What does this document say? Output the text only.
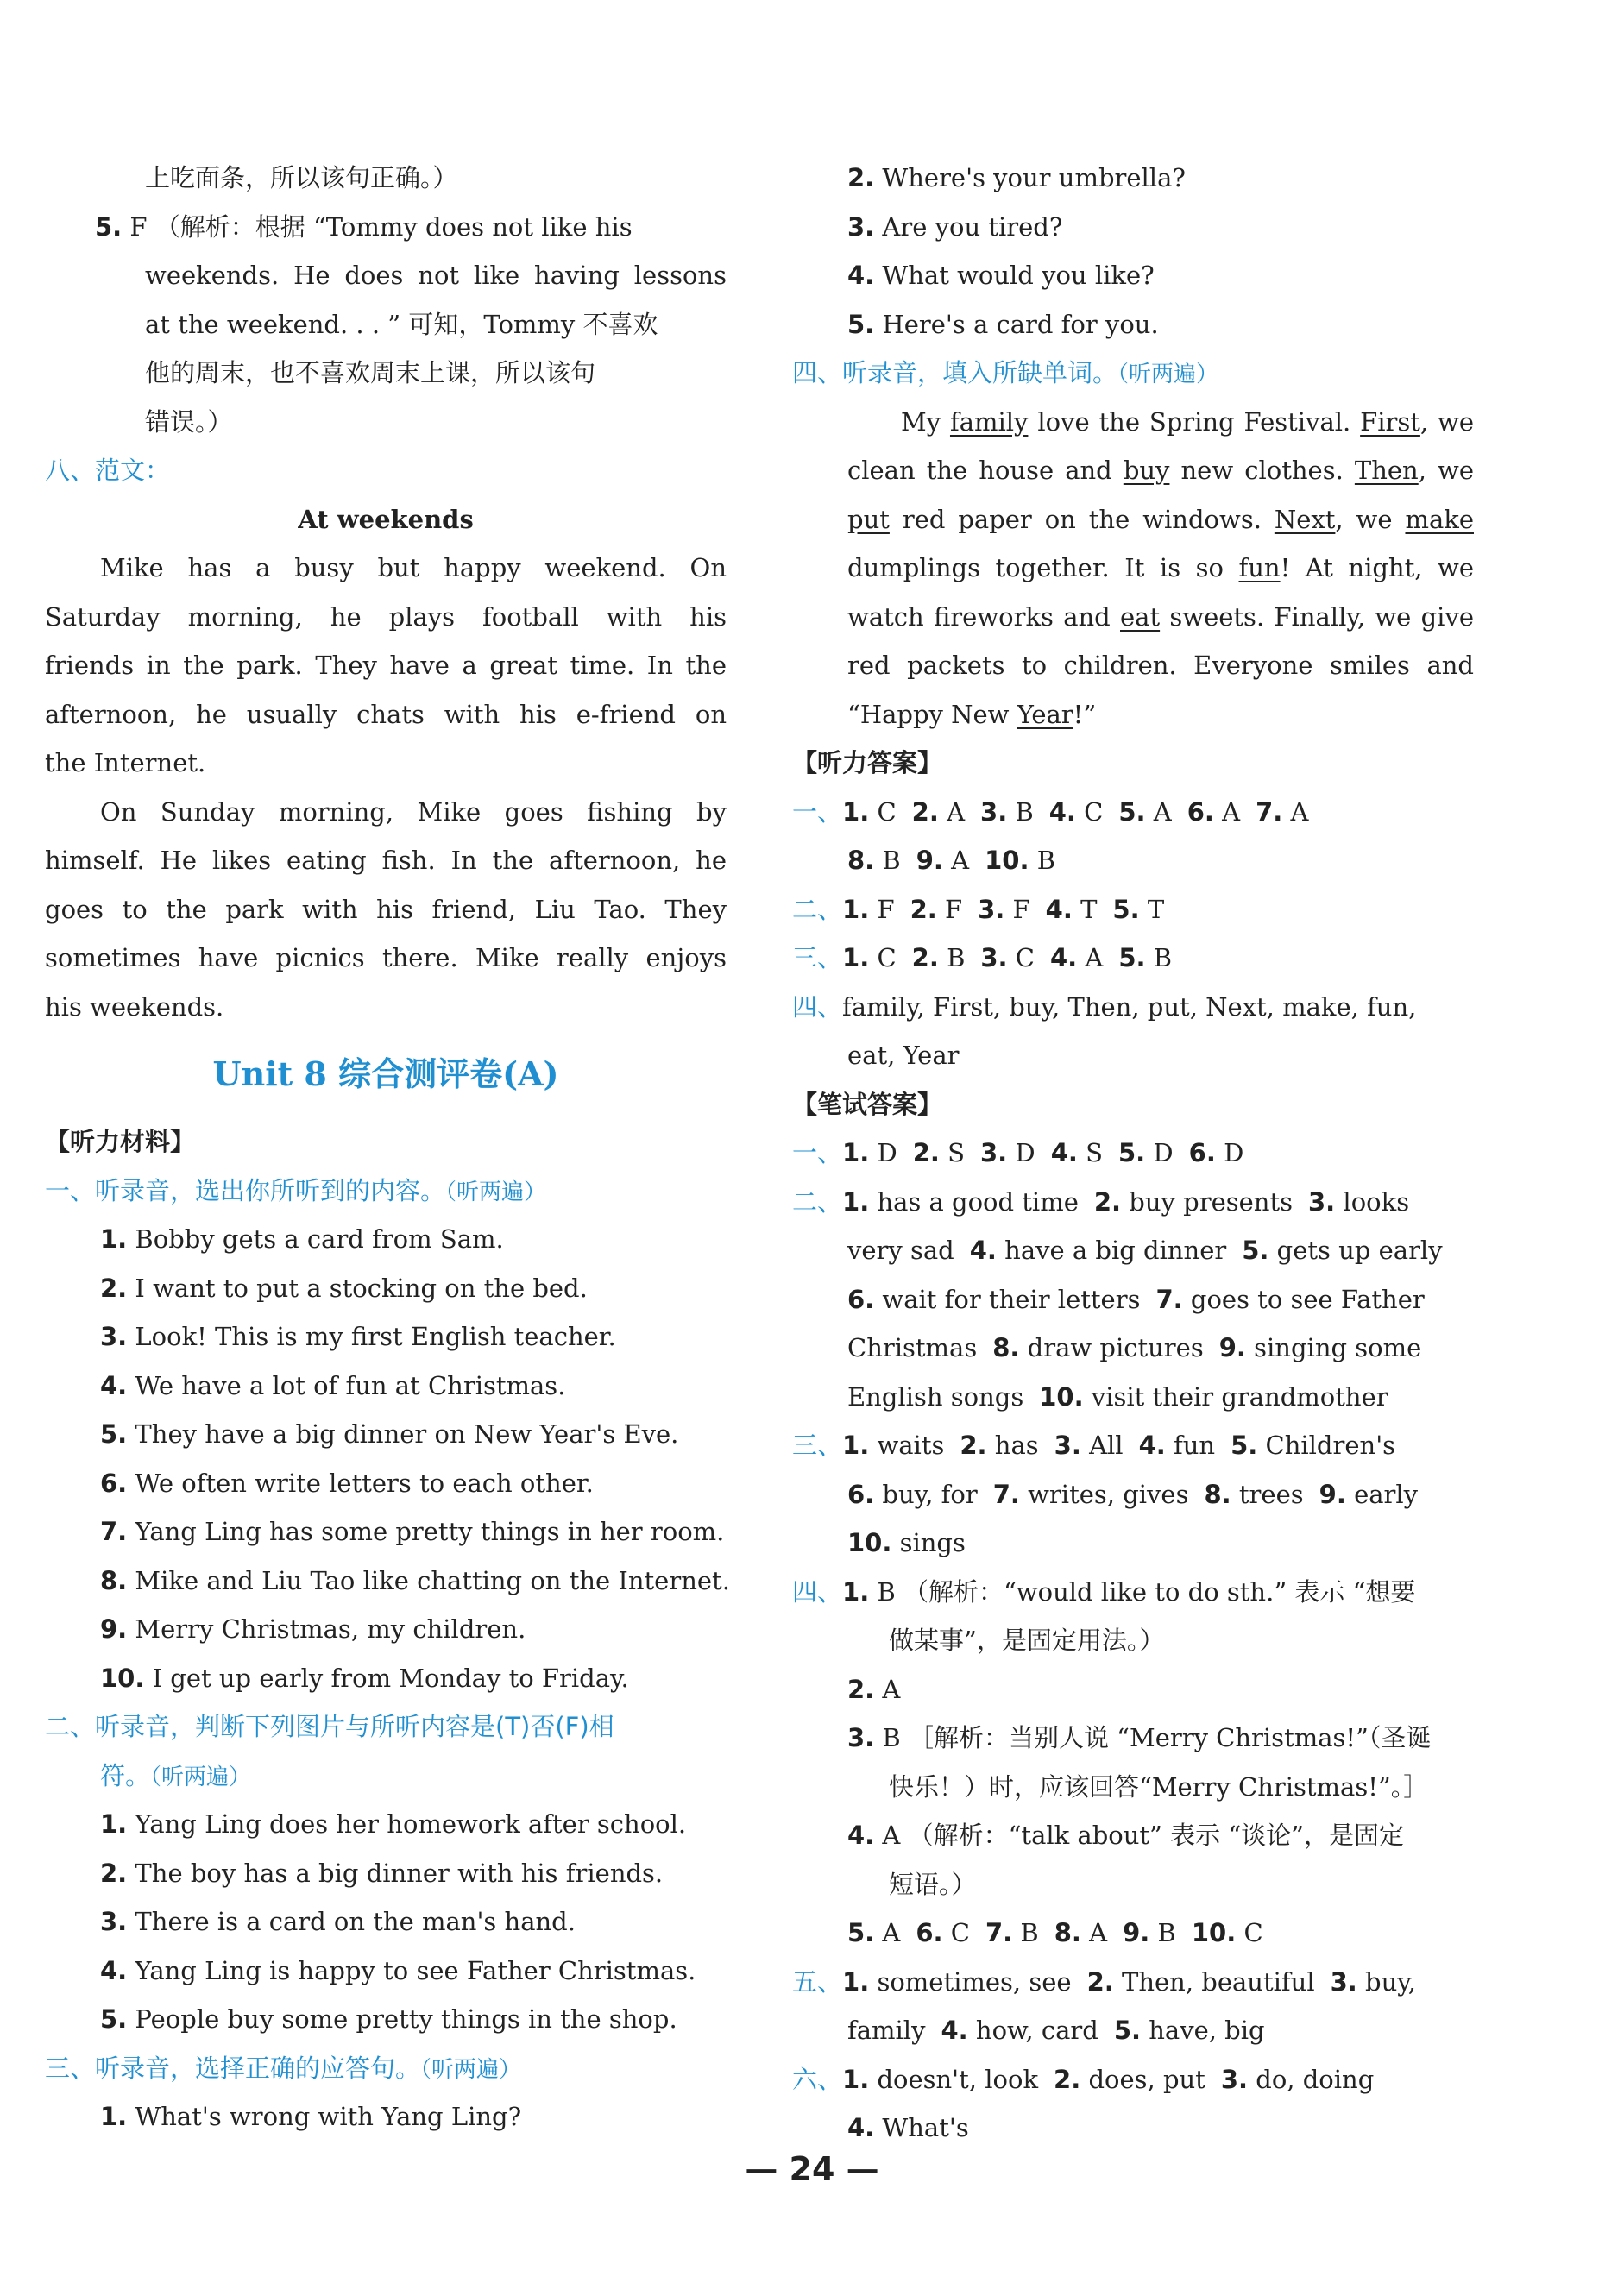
上吃面条，所以该句正确。）
5. F （解析：根据 “Tommy does not like his
weekends. He does not like having lessons
at the weekend. . . ” 可知，Tommy 不喜欢
他的周末，也不喜欢周末上课，所以该句
错误。）
八、范文：
At weekends
Mike has a busy but happy weekend. On
Saturday morning, he plays football with his
friends in the park. They have a great time. In the
afternoon, he usually chats with his e-friend on
the Internet.
On Sunday morning, Mike goes fishing by
himself. He likes eating fish. In the afternoon, he
goes to the park with his friend, Liu Tao. They
sometimes have picnics there. Mike really enjoys
his weekends.
Unit 8 综合测评卷(A)
【听力材料】
一、听录音，选出你所听到的内容。（听两遍）
1. Bobby gets a card from Sam.
2. I want to put a stocking on the bed.
3. Look! This is my first English teacher.
4. We have a lot of fun at Christmas.
5. They have a big dinner on New Year's Eve.
6. We often write letters to each other.
7. Yang Ling has some pretty things in her room.
8. Mike and Liu Tao like chatting on the Internet.
9. Merry Christmas, my children.
10. I get up early from Monday to Friday.
二、听录音，判断下列图片与所听内容是(T)否(F)相
符。（听两遍）
1. Yang Ling does her homework after school.
2. The boy has a big dinner with his friends.
3. There is a card on the man's hand.
4. Yang Ling is happy to see Father Christmas.
5. People buy some pretty things in the shop.
三、听录音，选择正确的应答句。（听两遍）
1. What's wrong with Yang Ling?
2. Where's your umbrella?
3. Are you tired?
4. What would you like?
5. Here's a card for you.
四、听录音，填入所缺单词。（听两遍）
My family love the Spring Festival. First, we
clean the house and buy new clothes. Then, we
put red paper on the windows. Next, we make
dumplings together. It is so fun! At night, we
watch fireworks and eat sweets. Finally, we give
red packets to children. Everyone smiles and
“Happy New Year!”
【听力答案】
一、1. C 2. A 3. B 4. C 5. A 6. A 7. A
8. B 9. A 10. B
二、1. F 2. F 3. F 4. T 5. T
三、1. C 2. B 3. C 4. A 5. B
四、family, First, buy, Then, put, Next, make, fun,
eat, Year
【笔试答案】
一、1. D 2. S 3. D 4. S 5. D 6. D
二、1. has a good time 2. buy presents 3. looks
very sad 4. have a big dinner 5. gets up early
6. wait for their letters 7. goes to see Father
Christmas 8. draw pictures 9. singing some
English songs 10. visit their grandmother
三、1. waits 2. has 3. All 4. fun 5. Children's
6. buy, for 7. writes, gives 8. trees 9. early
10. sings
四、1. B （解析：“would like to do sth.” 表示 “想要
做某事”，是固定用法。）
2. A
3. B ［解析：当别人说 “Merry Christmas!”（圣诞
快乐！）时，应该回答“Merry Christmas!”。］
4. A （解析：“talk about” 表示 “谈论”，是固定
短语。）
5. A 6. C 7. B 8. A 9. B 10. C
五、1. sometimes, see 2. Then, beautiful 3. buy,
family 4. how, card 5. have, big
六、1. doesn't, look 2. does, put 3. do, doing
4. What's
— 24 —
